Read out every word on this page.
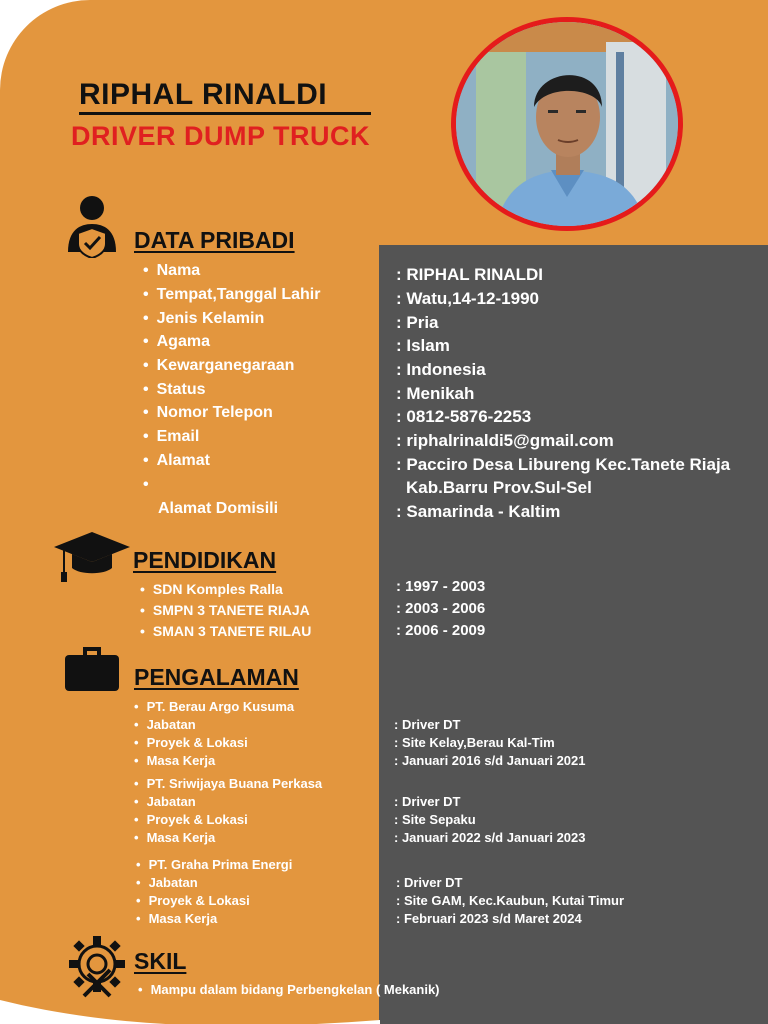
RIPHAL RINALDI
DRIVER DUMP TRUCK
DATA PRIBADI
• Nama
• Tempat,Tanggal Lahir
• Jenis Kelamin
• Agama
• Kewarganegaraan
• Status
• Nomor Telepon
• Email
• Alamat
•
Alamat Domisili
: RIPHAL RINALDI
: Watu,14-12-1990
: Pria
: Islam
: Indonesia
: Menikah
: 0812-5876-2253
: riphalrinaldi5@gmail.com
: Pacciro Desa Libureng Kec.Tanete Riaja
Kab.Barru Prov.Sul-Sel
: Samarinda - Kaltim
PENDIDIKAN
• SDN Komples Ralla
• SMPN 3 TANETE RIAJA
• SMAN 3 TANETE RILAU
: 1997 - 2003
: 2003 - 2006
: 2006 - 2009
PENGALAMAN
• PT. Berau Argo Kusuma
• Jabatan
• Proyek & Lokasi
• Masa Kerja
: Driver DT
: Site Kelay,Berau Kal-Tim
: Januari 2016 s/d Januari 2021
• PT. Sriwijaya Buana Perkasa
• Jabatan
• Proyek & Lokasi
• Masa Kerja
: Driver DT
: Site Sepaku
: Januari 2022 s/d Januari 2023
• PT. Graha Prima Energi
• Jabatan
• Proyek & Lokasi
• Masa Kerja
: Driver DT
: Site GAM, Kec.Kaubun, Kutai Timur
: Februari 2023 s/d Maret 2024
SKIL
• Mampu dalam bidang Perbengkelan ( Mekanik)
